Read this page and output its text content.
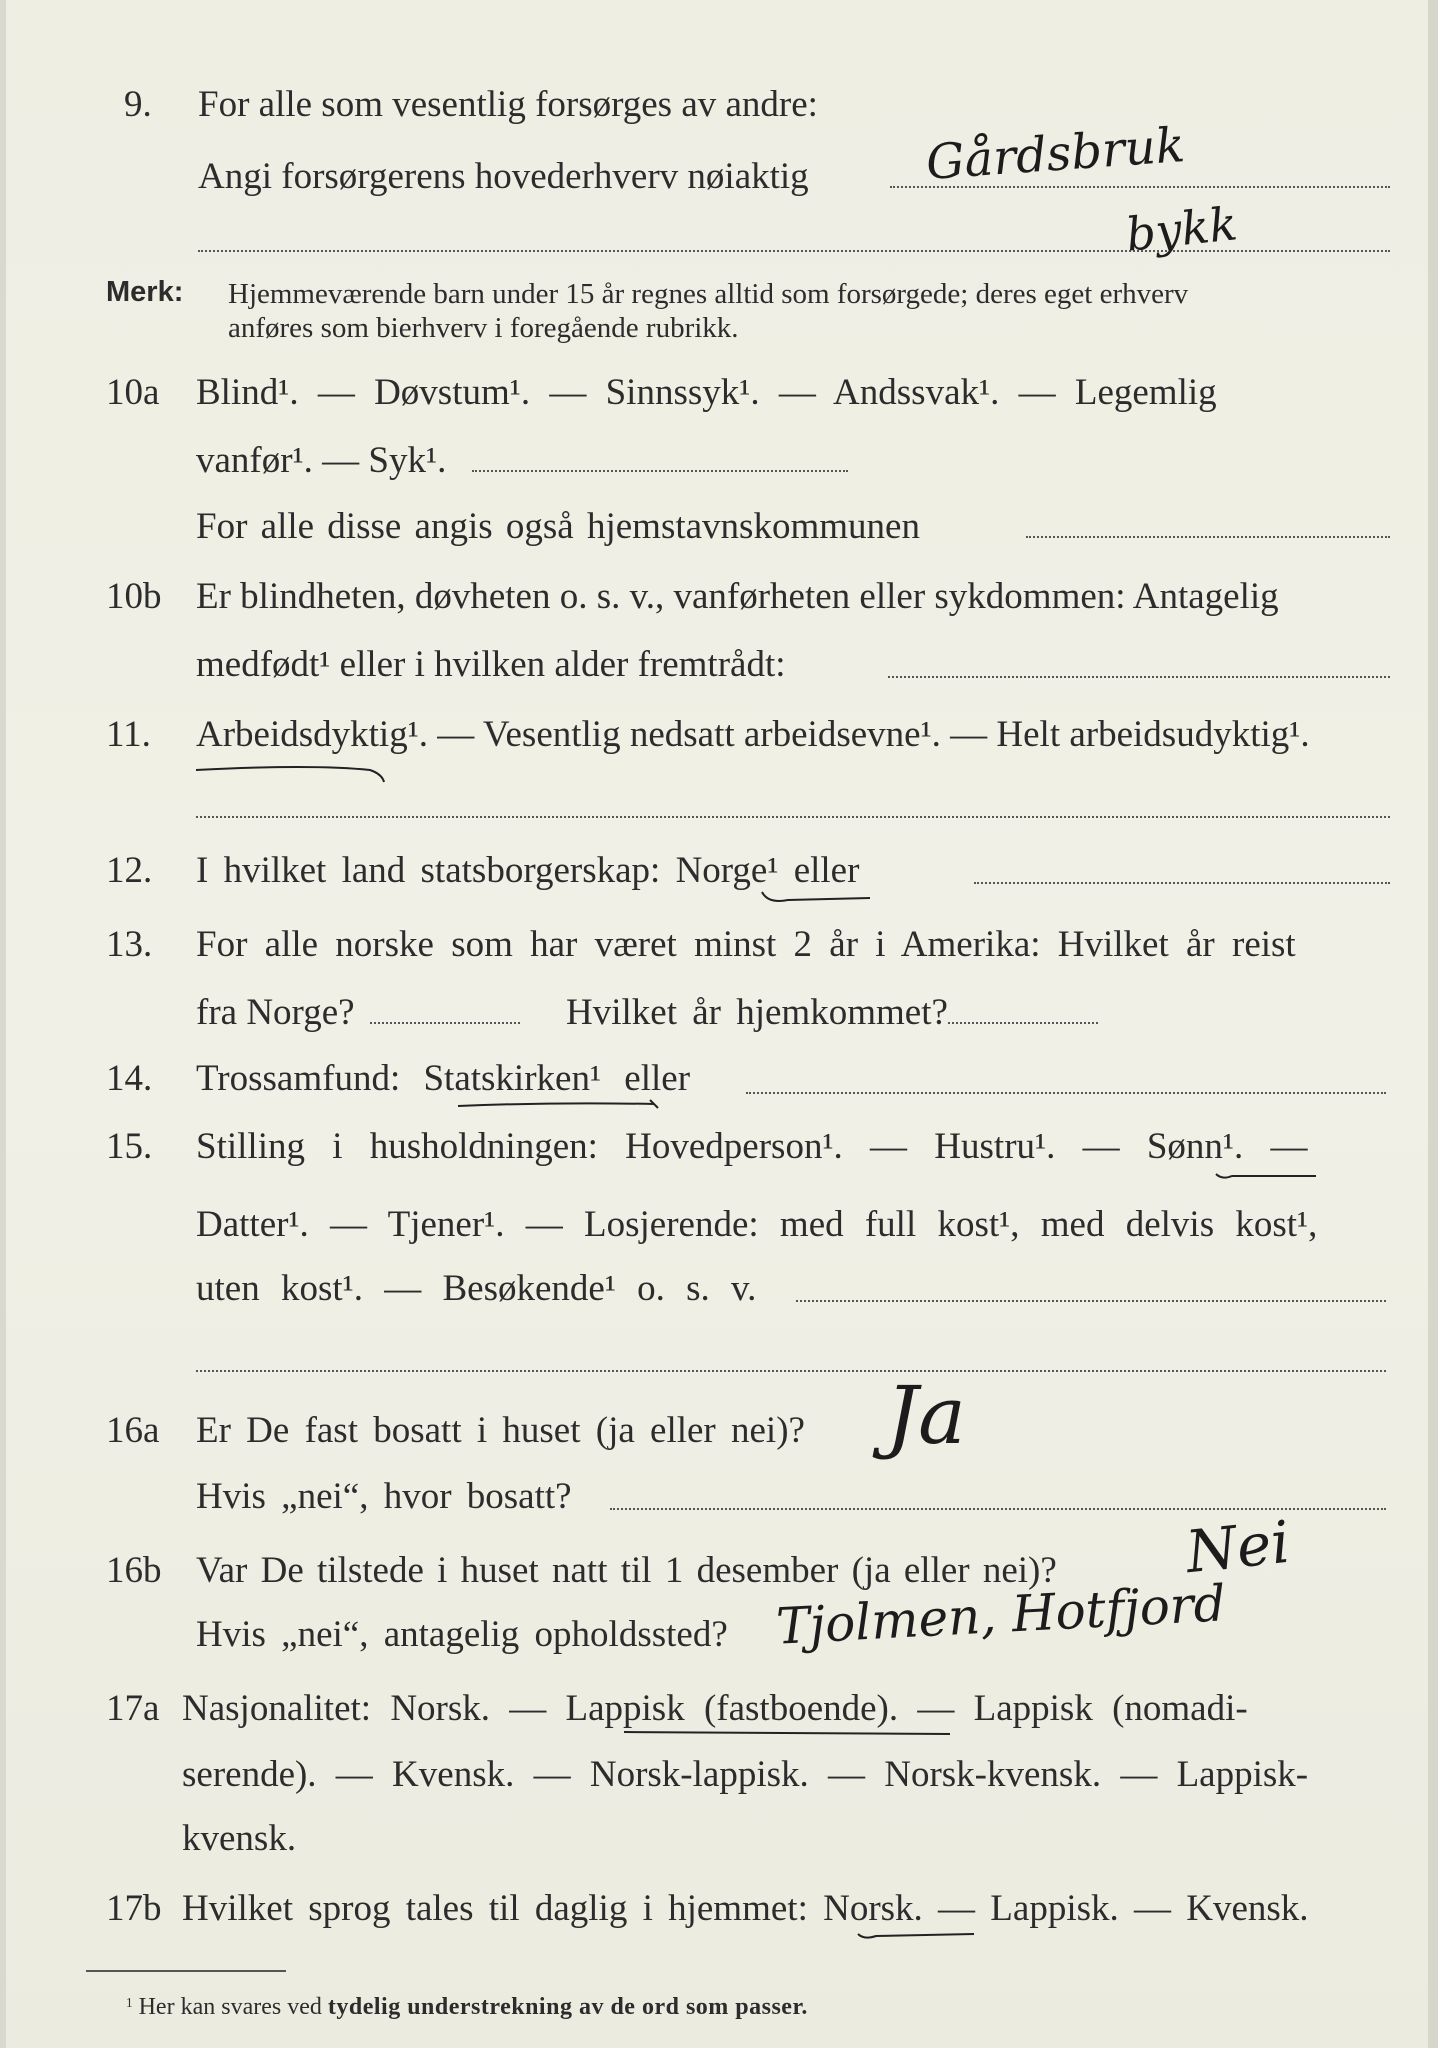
9. For alle som vesentlig forsørges av andre:
Angi forsørgerens hovederhverv nøiaktig Gårdsbruk
bykk
Merk: Hjemmeværende barn under 15 år regnes alltid som forsørgede; deres eget erhverv
anføres som bierhverv i foregående rubrikk.
10a Blind¹. — Døvstum¹. — Sinnssyk¹. — Andssvak¹. — Legemlig
vanfør¹. — Syk¹.
For alle disse angis også hjemstavnskommunen
10b Er blindheten, døvheten o. s. v., vanførheten eller sykdommen: Antagelig
medfødt¹ eller i hvilken alder fremtrådt:
11. Arbeidsdyktig¹. — Vesentlig nedsatt arbeidsevne¹. — Helt arbeidsudyktig¹.
12. I hvilket land statsborgerskap: Norge¹ eller
13. For alle norske som har været minst 2 år i Amerika: Hvilket år reist
fra Norge?	Hvilket år hjemkommet?
14. Trossamfund: Statskirken¹ eller
15. Stilling i husholdningen: Hovedperson¹. — Hustru¹. — Sønn¹. —
Datter¹. — Tjener¹. — Losjerende: med full kost¹, med delvis kost¹,
uten kost¹. — Besøkende¹ o. s. v.
16a Er De fast bosatt i huset (ja eller nei)? Ja
Hvis „nei“, hvor bosatt?
16b Var De tilstede i huset natt til 1 desember (ja eller nei)? Nei
Hvis „nei“, antagelig opholdssted? Tjolmen, Hotfjord
17a Nasjonalitet: Norsk. — Lappisk (fastboende). — Lappisk (nomadi-
serende). — Kvensk. — Norsk-lappisk. — Norsk-kvensk. — Lappisk-
kvensk.
17b Hvilket sprog tales til daglig i hjemmet: Norsk. — Lappisk. — Kvensk.
$^1$ Her kan svares ved tydelig understrekning av de ord som passer.
